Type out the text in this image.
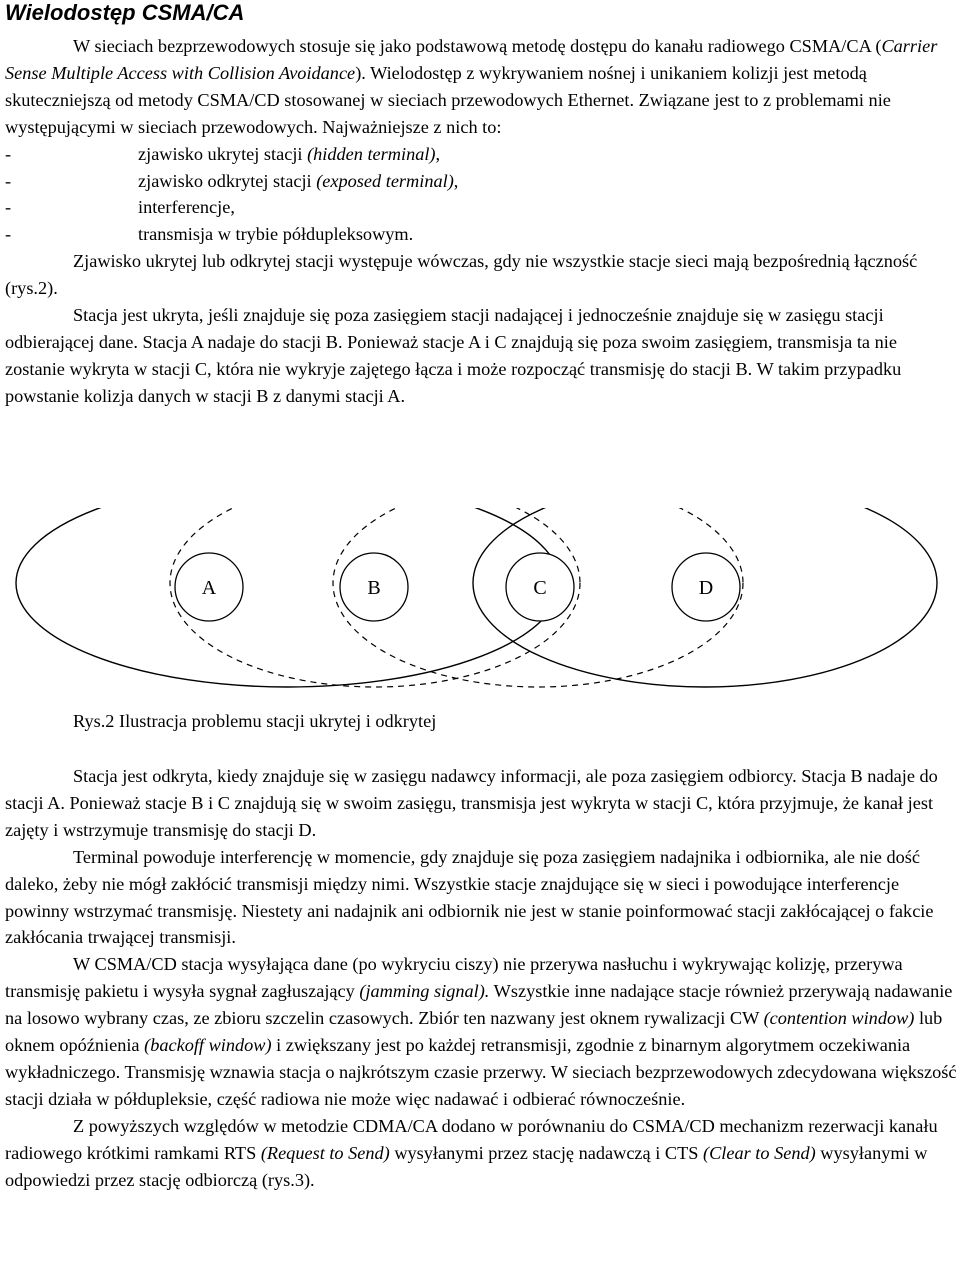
Wielodostęp CSMA/CA

W sieciach bezprzewodowych stosuje się jako podstawową metodę dostępu do kanału radiowego CSMA/CA (Carrier Sense Multiple Access with Collision Avoidance). Wielodostęp z wykrywaniem nośnej i unikaniem kolizji jest metodą skuteczniejszą od metody CSMA/CD stosowanej w sieciach przewodowych Ethernet. Związane jest to z problemami nie występującymi w sieciach przewodowych. Najważniejsze z nich to:

-	zjawisko ukrytej stacji (hidden terminal),
-	zjawisko odkrytej stacji (exposed terminal),
-	interferencje,
-	transmisja w trybie półdupleksowym.

Zjawisko ukrytej lub odkrytej stacji występuje wówczas, gdy nie wszystkie stacje sieci mają bezpośrednią łączność (rys.2).

Stacja jest ukryta, jeśli znajduje się poza zasięgiem stacji nadającej i jednocześnie znajduje się w zasięgu stacji odbierającej dane. Stacja A nadaje do stacji B. Ponieważ stacje A i C znajdują się poza swoim zasięgiem, transmisja ta nie zostanie wykryta w stacji C, która nie wykryje zajętego łącza i może rozpocząć transmisję do stacji B. W takim przypadku powstanie kolizja danych w stacji B z danymi stacji A.

A	B	C	D
Rys.2 Ilustracja problemu stacji ukrytej i odkrytej

Stacja jest odkryta, kiedy znajduje się w zasięgu nadawcy informacji, ale poza zasięgiem odbiorcy. Stacja B nadaje do stacji A. Ponieważ stacje B i C znajdują się w swoim zasięgu, transmisja jest wykryta w stacji C, która przyjmuje, że kanał jest zajęty i wstrzymuje transmisję do stacji D.

Terminal powoduje interferencję w momencie, gdy znajduje się poza zasięgiem nadajnika i odbiornika, ale nie dość daleko, żeby nie mógł zakłócić transmisji między nimi. Wszystkie stacje znajdujące się w sieci i powodujące interferencje powinny wstrzymać transmisję. Niestety ani nadajnik ani odbiornik nie jest w stanie poinformować stacji zakłócającej o fakcie zakłócania trwającej transmisji.

W CSMA/CD stacja wysyłająca dane (po wykryciu ciszy) nie przerywa nasłuchu i wykrywając kolizję, przerywa transmisję pakietu i wysyła sygnał zagłuszający (jamming signal). Wszystkie inne nadające stacje również przerywają nadawanie na losowo wybrany czas, ze zbioru szczelin czasowych. Zbiór ten nazwany jest oknem rywalizacji CW (contention window) lub oknem opóźnienia (backoff window) i zwiększany jest po każdej retransmisji, zgodnie z binarnym algorytmem oczekiwania wykładniczego. Transmisję wznawia stacja o najkrótszym czasie przerwy. W sieciach bezprzewodowych zdecydowana większość stacji działa w półdupleksie, część radiowa nie może więc nadawać i odbierać równocześnie.

Z powyższych względów w metodzie CDMA/CA dodano w porównaniu do CSMA/CD mechanizm rezerwacji kanału radiowego krótkimi ramkami RTS (Request to Send) wysyłanymi przez stację nadawczą i CTS (Clear to Send) wysyłanymi w odpowiedzi przez stację odbiorczą (rys.3).
